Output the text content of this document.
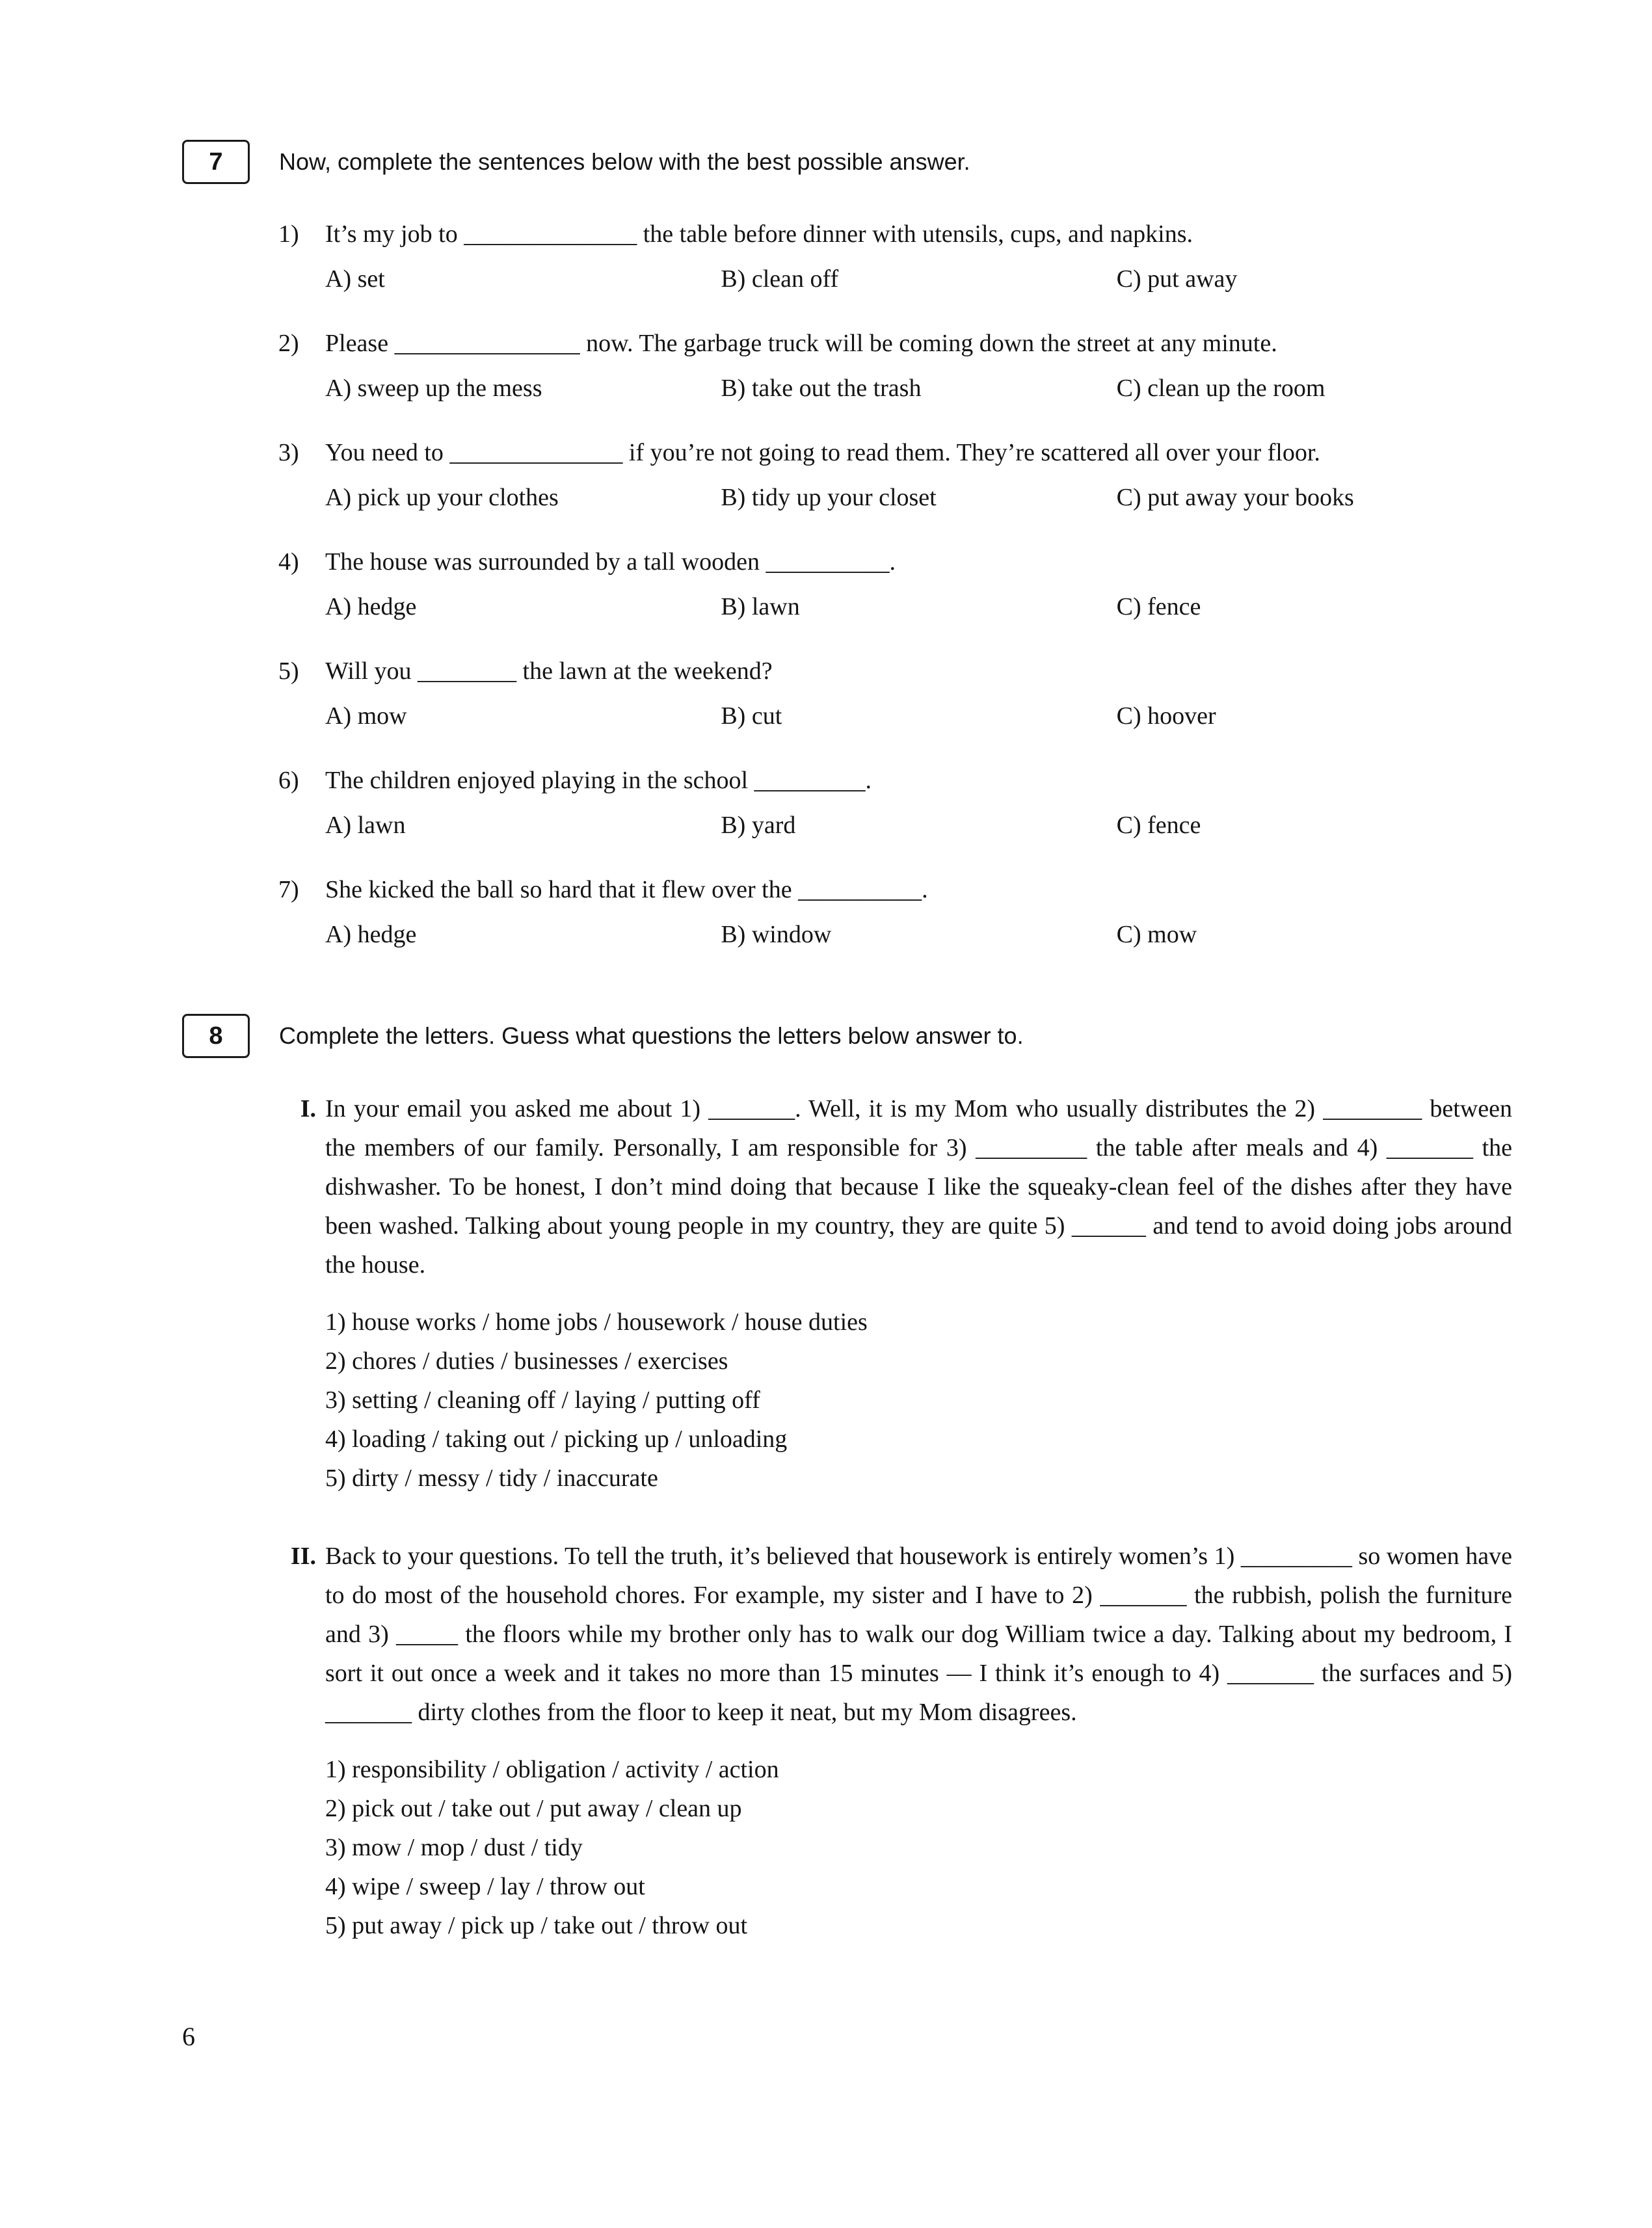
7 Now, complete the sentences below with the best possible answer.

1) It’s my job to ______________ the table before dinner with utensils, cups, and napkins.

A) set	B) clean off	C) put away

2) Please _______________ now. The garbage truck will be coming down the street at any minute.

A) sweep up the mess	B) take out the trash	C) clean up the room

3) You need to ______________ if you’re not going to read them. They’re scattered all over your floor.

A) pick up your clothes	B) tidy up your closet	C) put away your books

4) The house was surrounded by a tall wooden __________.

A) hedge	B) lawn	C) fence

5) Will you ________ the lawn at the weekend?

A) mow	B) cut	C) hoover

6) The children enjoyed playing in the school _________.

A) lawn	B) yard	C) fence

7) She kicked the ball so hard that it flew over the __________.

A) hedge	B) window	C) mow
8 Complete the letters. Guess what questions the letters below answer to.

I. In your email you asked me about 1) _______. Well, it is my Mom who usually distributes the 2) ________ between the members of our family. Personally, I am responsible for 3) _________ the table after meals and 4) _______ the dishwasher. To be honest, I don’t mind doing that because I like the squeaky-clean feel of the dishes after they have been washed. Talking about young people in my country, they are quite 5) ______ and tend to avoid doing jobs around the house.

1) house works / home jobs / housework / house duties

2) chores / duties / businesses / exercises

3) setting / cleaning off / laying / putting off

4) loading / taking out / picking up / unloading

5) dirty / messy / tidy / inaccurate

II. Back to your questions. To tell the truth, it’s believed that housework is entirely women’s 1) _________ so women have to do most of the household chores. For example, my sister and I have to 2) _______ the rubbish, polish the furniture and 3) _____ the floors while my brother only has to walk our dog William twice a day. Talking about my bedroom, I sort it out once a week and it takes no more than 15 minutes — I think it’s enough to 4) _______ the surfaces and 5) _______ dirty clothes from the floor to keep it neat, but my Mom disagrees.

1) responsibility / obligation / activity / action

2) pick out / take out / put away / clean up

3) mow / mop / dust / tidy

4) wipe / sweep / lay / throw out

5) put away / pick up / take out / throw out

6
